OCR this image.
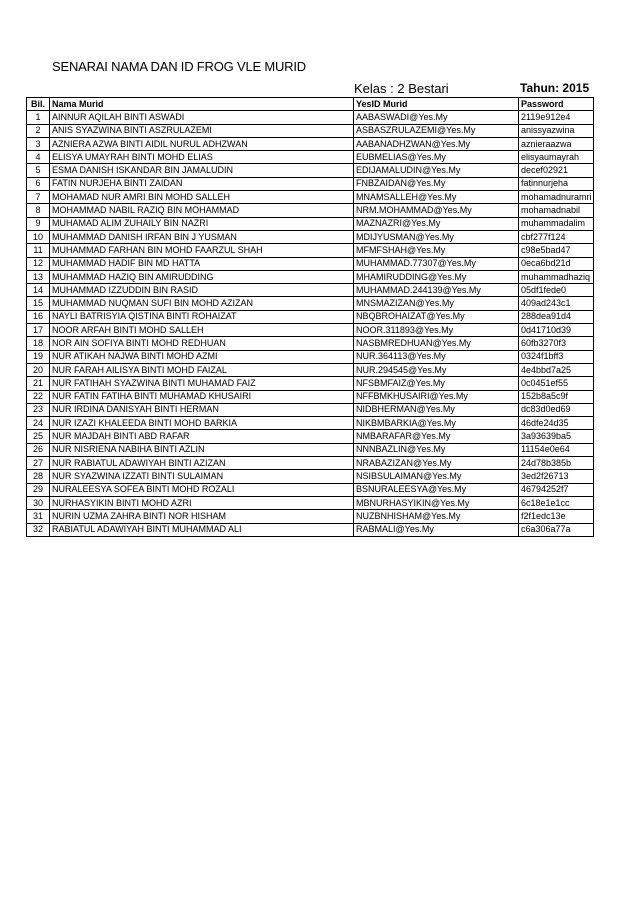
SENARAI NAMA DAN ID FROG VLE MURID
Kelas : 2 Bestari	Tahun: 2015
Bil.	Nama Murid	YesID Murid	Password
1	AINNUR AQILAH BINTI ASWADI	AABASWADI@Yes.My	2119e912e4
2	ANIS SYAZWINA BINTI ASZRULAZEMI	ASBASZRULAZEMI@Yes.My	anissyazwina
3	AZNIERA AZWA BINTI AIDIL NURUL ADHZWAN	AABANADHZWAN@Yes.My	aznieraazwa
4	ELISYA UMAYRAH BINTI MOHD ELIAS	EUBMELIAS@Yes.My	elisyaumayrah
5	ESMA DANISH ISKANDAR BIN JAMALUDIN	EDIJAMALUDIN@Yes.My	decef02921
6	FATIN NURJEHA BINTI ZAIDAN	FNBZAIDAN@Yes.My	fatinnurjeha
7	MOHAMAD NUR AMRI BIN MOHD SALLEH	MNAMSALLEH@Yes.My	mohamadnuramri
8	MOHAMMAD NABIL RAZIQ BIN MOHAMMAD	NRM.MOHAMMAD@Yes.My	mohamadnabil
9	MUHAMAD ALIM ZUHAILY BIN NAZRI	MAZNAZRI@Yes.My	muhammadalim
10	MUHAMMAD DANISH IRFAN BIN J YUSMAN	MDIJYUSMAN@Yes.My	cbf277f124
11	MUHAMMAD FARHAN BIN MOHD FAARZUL SHAH	MFMFSHAH@Yes.My	c98e5bad47
12	MUHAMMAD HADIF BIN MD HATTA	MUHAMMAD.77307@Yes.My	0eca6bd21d
13	MUHAMMAD HAZIQ BIN AMIRUDDING	MHAMIRUDDING@Yes.My	muhammadhaziq
14	MUHAMMAD IZZUDDIN BIN RASID	MUHAMMAD.244139@Yes.My	05df1fede0
15	MUHAMMAD NUQMAN SUFI BIN MOHD AZIZAN	MNSMAZIZAN@Yes.My	409ad243c1
16	NAYLI BATRISYIA QISTINA BINTI ROHAIZAT	NBQBROHAIZAT@Yes.My	288dea91d4
17	NOOR ARFAH BINTI MOHD SALLEH	NOOR.311893@Yes.My	0d41710d39
18	NOR AIN SOFIYA BINTI MOHD REDHUAN	NASBMREDHUAN@Yes.My	60fb3270f3
19	NUR ATIKAH NAJWA BINTI MOHD AZMI	NUR.364113@Yes.My	0324f1bff3
20	NUR FARAH AILISYA BINTI MOHD FAIZAL	NUR.294545@Yes.My	4e4bbd7a25
21	NUR FATIHAH SYAZWINA BINTI MUHAMAD FAIZ	NFSBMFAIZ@Yes.My	0c0451ef55
22	NUR FATIN FATIHA BINTI MUHAMAD KHUSAIRI	NFFBMKHUSAIRI@Yes.My	152b8a5c9f
23	NUR IRDINA DANISYAH BINTI HERMAN	NIDBHERMAN@Yes.My	dc83d0ed69
24	NUR IZAZI KHALEEDA BINTI MOHD BARKIA	NIKBMBARKIA@Yes.My	46dfe24d35
25	NUR MAJDAH BINTI ABD RAFAR	NMBARAFAR@Yes.My	3a93639ba5
26	NUR NISRIENA NABIHA BINTI AZLIN	NNNBAZLIN@Yes.My	11154e0e64
27	NUR RABIATUL ADAWIYAH BINTI AZIZAN	NRABAZIZAN@Yes.My	24d78b385b
28	NUR SYAZWINA IZZATI BINTI SULAIMAN	NSIBSULAIMAN@Yes.My	3ed2f26713
29	NURALEESYA SOFEA BINTI MOHD ROZALI	BSNURALEESYA@Yes.My	46794252f7
30	NURHASYIKIN BINTI MOHD AZRI	MBNURHASYIKIN@Yes.My	6c18e1e1cc
31	NURIN UZMA ZAHRA BINTI NOR HISHAM	NUZBNHISHAM@Yes.My	f2f1edc13e
32	RABIATUL ADAWIYAH BINTI MUHAMMAD ALI	RABMALI@Yes.My	c6a306a77a
